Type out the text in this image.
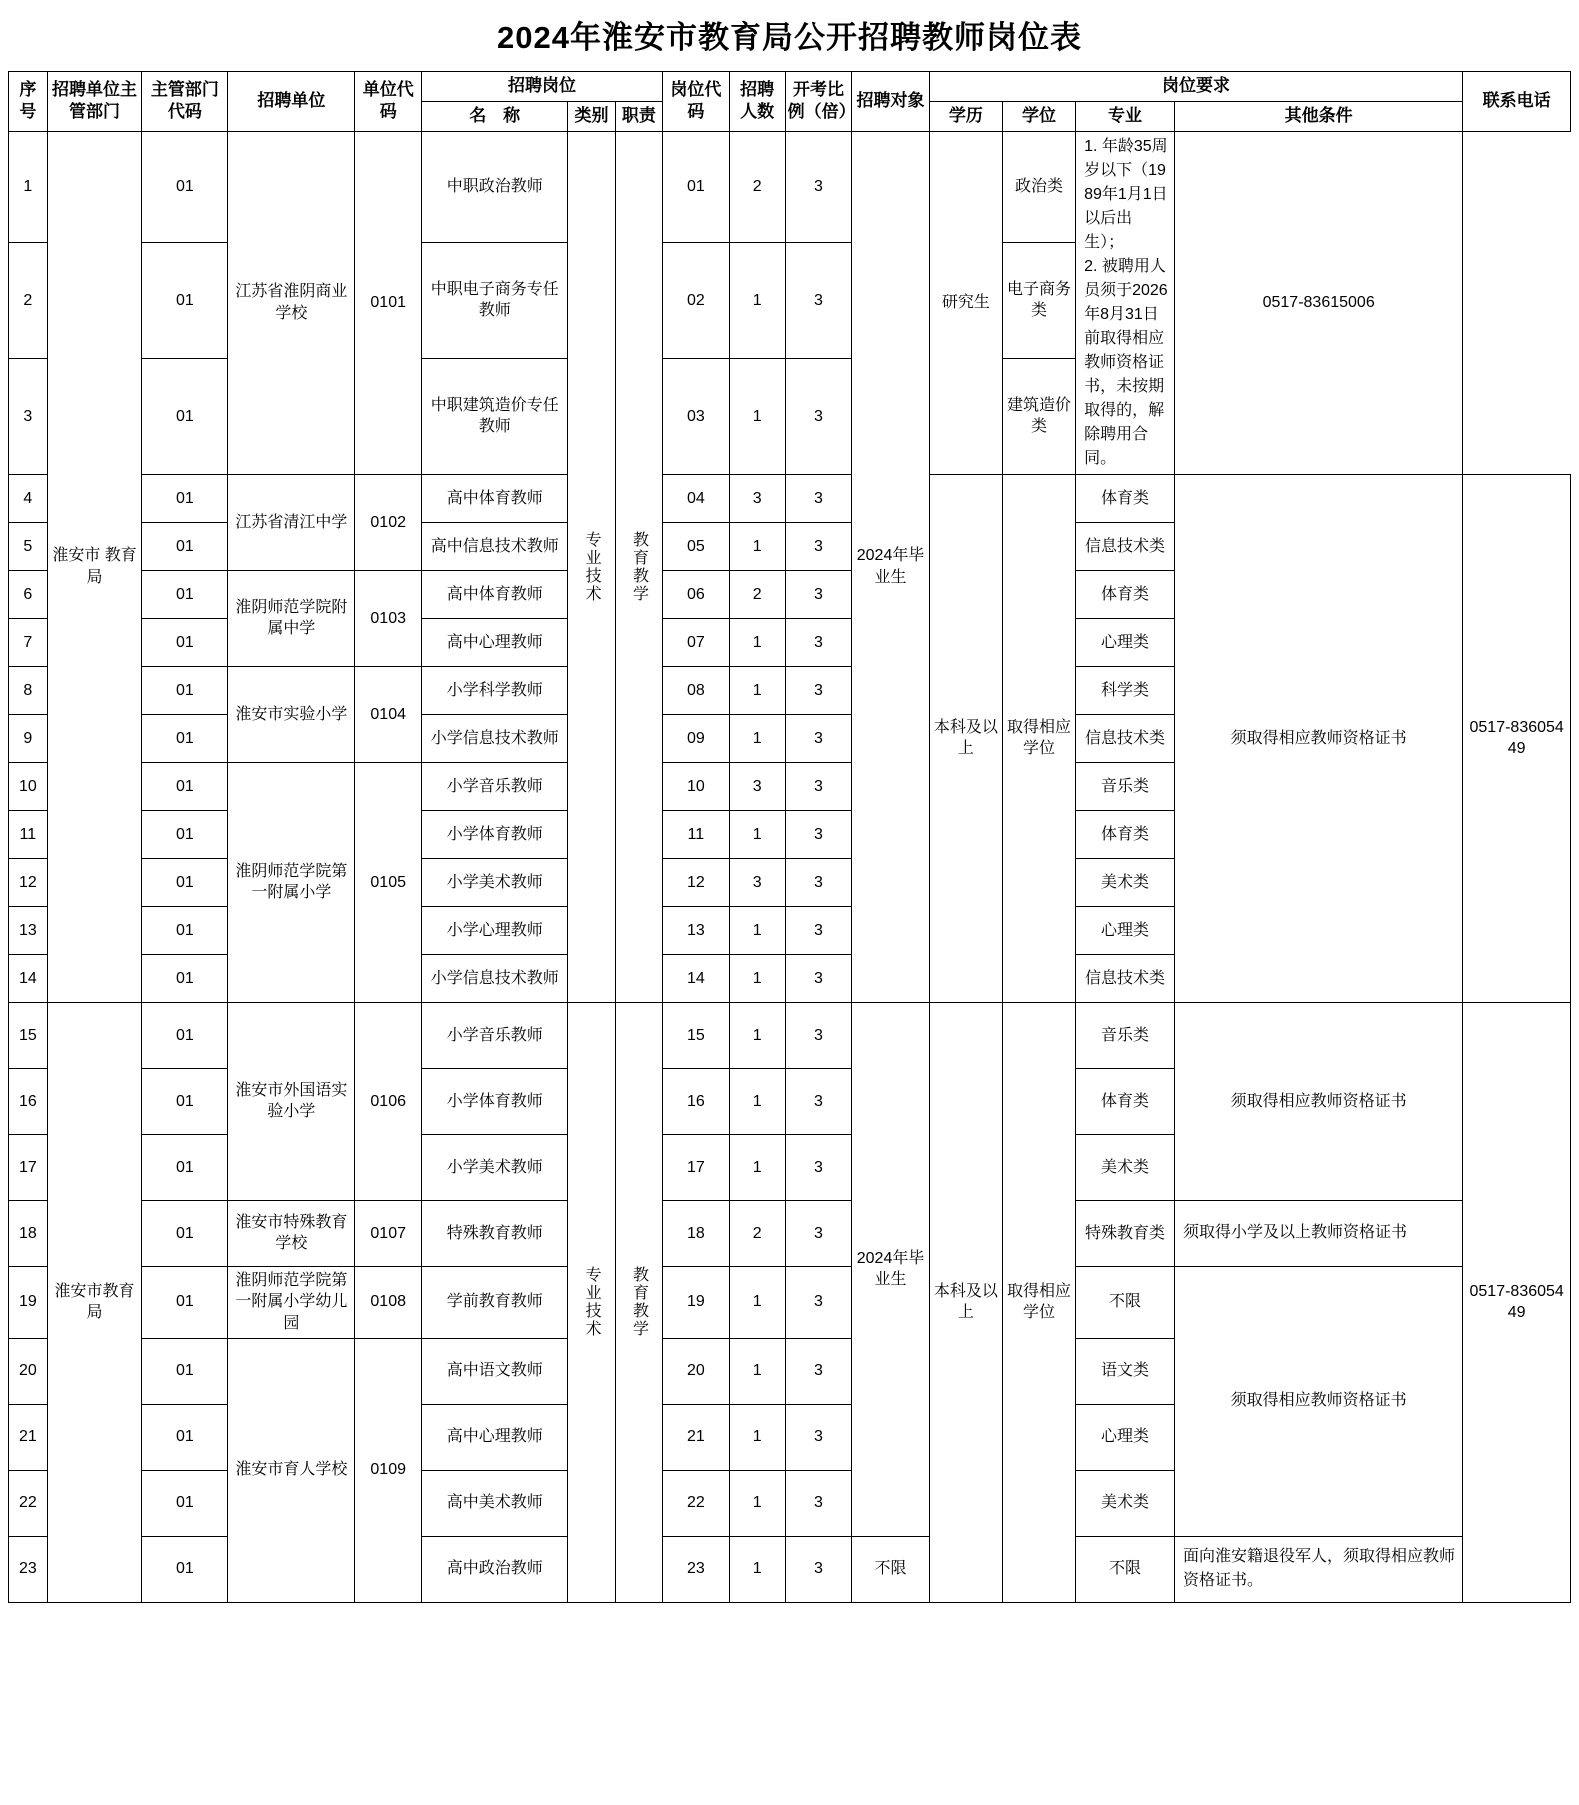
2024年淮安市教育局公开招聘教师岗位表
序号	招聘单位主管部门	主管部门代码	招聘单位	单位代码	招聘岗位			岗位代码	招聘人数	开考比例（倍）	招聘对象	岗位要求				联系电话
					名　称	类别	职责					学历	学位	专业	其他条件	
1	淮安市 教育局	01	江苏省淮阴商业学校	0101	中职政治教师	专业技术	教育教学	01	2	3	2024年毕业生	研究生	政治类	1. 年龄35周岁以下（1989年1月1日以后出生）；
2. 被聘用人员须于2026年8月31日前取得相应教师资格证书，未按期取得的，解除聘用合同。	0517-83615006	
2		01			中职电子商务专任教师			02	1	3			电子商务类			
3		01			中职建筑造价专任教师			03	1	3			建筑造价类			
4		01	江苏省清江中学	0102	高中体育教师			04	3	3		本科及以上	取得相应学位	体育类	须取得相应教师资格证书	0517-83605449
5		01			高中信息技术教师			05	1	3				信息技术类		
6		01	淮阴师范学院附属中学	0103	高中体育教师			06	2	3				体育类		
7		01			高中心理教师			07	1	3				心理类		
8		01	淮安市实验小学	0104	小学科学教师			08	1	3				科学类		
9		01			小学信息技术教师			09	1	3				信息技术类		
10		01	淮阴师范学院第一附属小学	0105	小学音乐教师			10	3	3				音乐类		
11		01			小学体育教师			11	1	3				体育类		
12		01			小学美术教师			12	3	3				美术类		
13		01			小学心理教师			13	1	3				心理类		
14		01			小学信息技术教师			14	1	3				信息技术类		
15	淮安市教育局	01	淮安市外国语实验小学	0106	小学音乐教师	专业技术	教育教学	15	1	3	2024年毕业生	本科及以上	取得相应学位	音乐类	须取得相应教师资格证书	0517-83605449
16		01			小学体育教师			16	1	3				体育类		
17		01			小学美术教师			17	1	3				美术类		
18		01	淮安市特殊教育学校	0107	特殊教育教师			18	2	3				特殊教育类	须取得小学及以上教师资格证书	
19		01	淮阴师范学院第一附属小学幼儿园	0108	学前教育教师			19	1	3				不限	须取得相应教师资格证书	
20		01	淮安市育人学校	0109	高中语文教师			20	1	3				语文类		
21		01			高中心理教师			21	1	3				心理类		
22		01			高中美术教师			22	1	3				美术类		
23		01			高中政治教师			23	1	3	不限			不限	面向淮安籍退役军人，须取得相应教师资格证书。	
